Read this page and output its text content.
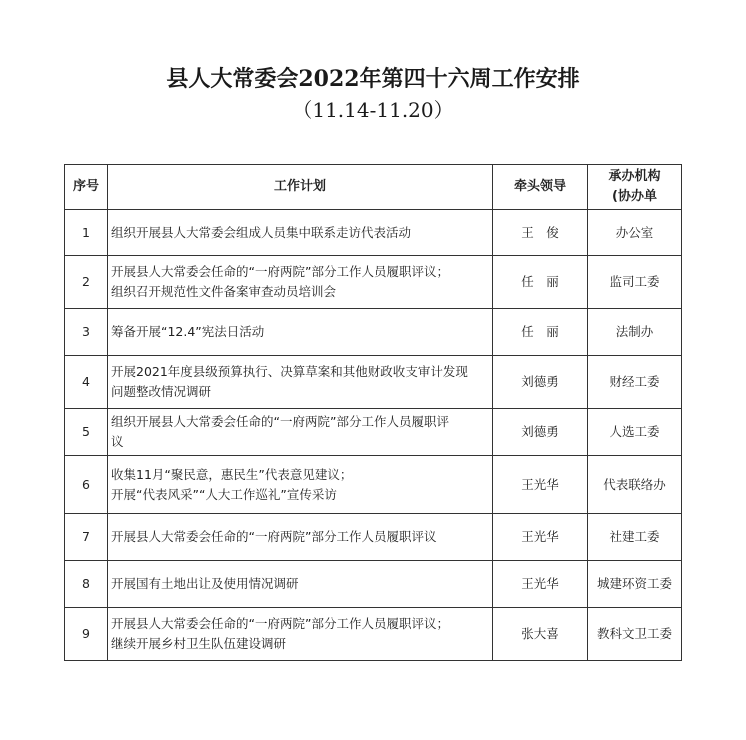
县人大常委会2022年第四十六周工作安排
（11.14-11.20）
序号	工作计划	牵头领导	承办机构
(协办单

1	组织开展县人大常委会组成人员集中联系走访代表活动	王　俊	办公室
2	开展县人大常委会任命的“一府两院”部分工作人员履职评议；
组织召开规范性文件备案审查动员培训会	任　丽	监司工委
3	筹备开展“12.4”宪法日活动	任　丽	法制办
4	开展2021年度县级预算执行、决算草案和其他财政收支审计发现
问题整改情况调研	刘德勇	财经工委
5	组织开展县人大常委会任命的“一府两院”部分工作人员履职评
议	刘德勇	人选工委
6	收集11月“聚民意，惠民生”代表意见建议；
开展“代表风采”“人大工作巡礼”宣传采访	王光华	代表联络办
7	开展县人大常委会任命的“一府两院”部分工作人员履职评议	王光华	社建工委
8	开展国有土地出让及使用情况调研	王光华	城建环资工委
9	开展县人大常委会任命的“一府两院”部分工作人员履职评议；
继续开展乡村卫生队伍建设调研	张大喜	教科文卫工委
